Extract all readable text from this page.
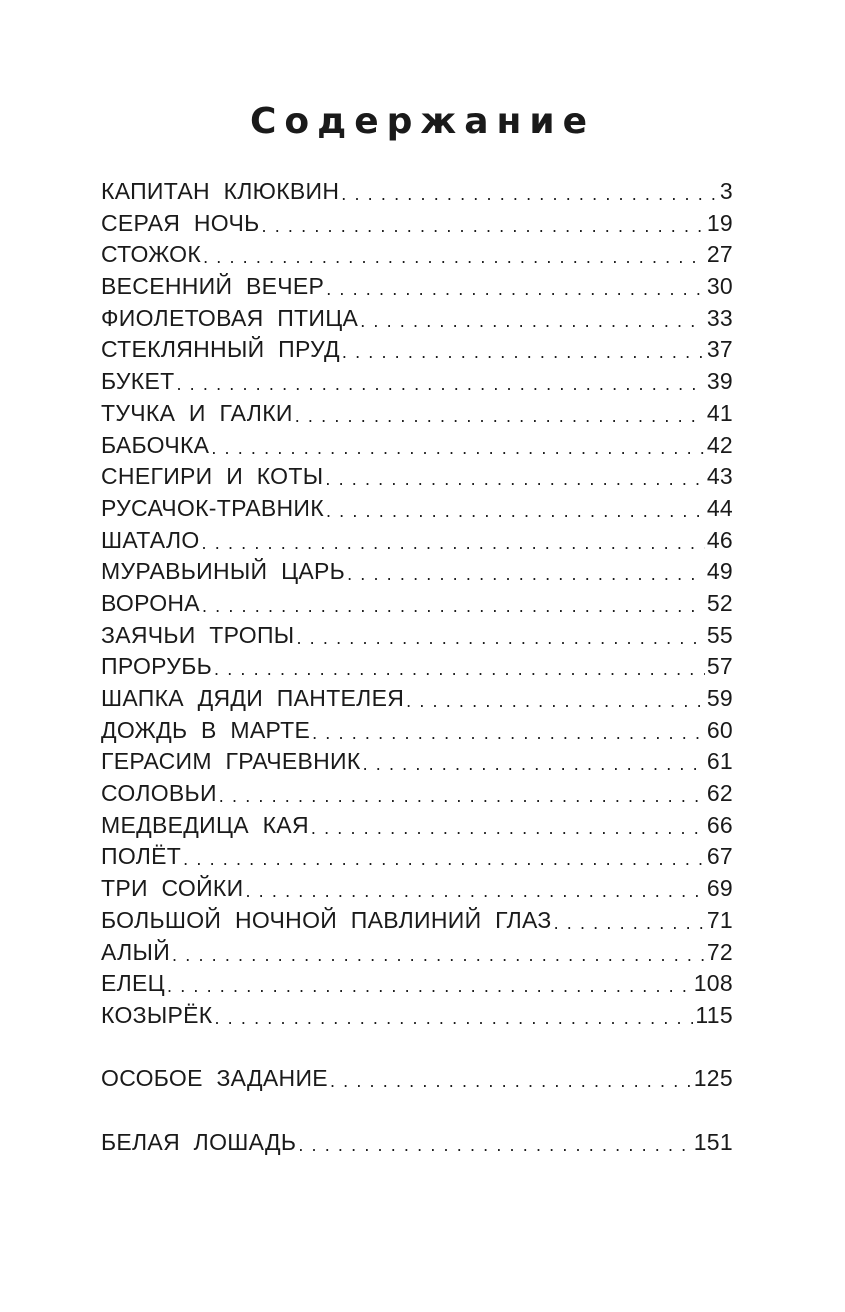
Содержание
КАПИТАН КЛЮКВИН . . .	3
СЕРАЯ НОЧЬ . . .	19
СТОЖОК . . .	27
ВЕСЕННИЙ ВЕЧЕР . . .	30
ФИОЛЕТОВАЯ ПТИЦА . . .	33
СТЕКЛЯННЫЙ ПРУД . . .	37
БУКЕТ . . .	39
ТУЧКА И ГАЛКИ . . .	41
БАБОЧКА . . .	42
СНЕГИРИ И КОТЫ . . .	43
РУСАЧОК-ТРАВНИК . . .	44
ШАТАЛО . . .	46
МУРАВЬИНЫЙ ЦАРЬ . . .	49
ВОРОНА . . .	52
ЗАЯЧЬИ ТРОПЫ . . .	55
ПРОРУБЬ . . .	57
ШАПКА ДЯДИ ПАНТЕЛЕЯ . . .	59
ДОЖДЬ В МАРТЕ . . .	60
ГЕРАСИМ ГРАЧЕВНИК . . .	61
СОЛОВЬИ . . .	62
МЕДВЕДИЦА КАЯ . . .	66
ПОЛЁТ . . .	67
ТРИ СОЙКИ . . .	69
БОЛЬШОЙ НОЧНОЙ ПАВЛИНИЙ ГЛАЗ . . .	71
АЛЫЙ . . .	72
ЕЛЕЦ . . .	108
КОЗЫРЁК . . .	115
ОСОБОЕ ЗАДАНИЕ . . .	125
БЕЛАЯ ЛОШАДЬ . . .	151
